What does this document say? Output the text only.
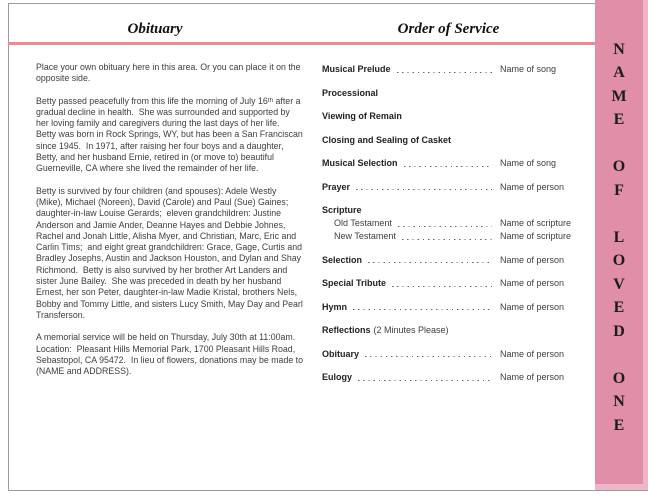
Obituary	Order of Service

Place your own obituary here in this area. Or you can place it on the opposite side.

Betty passed peacefully from this life the morning of July 16ᵗʰ after a gradual decline in health.  She was surrounded and supported by her loving family and caregivers during the last days of her life.  Betty was born in Rock Springs, WY, but has been a San Franciscan since 1945.  In 1971, after raising her four boys and a daughter, Betty, and her husband Ernie, retired in (or move to) beautiful Guerneville, CA where she lived the remainder of her life.

Betty is survived by four children (and spouses): Adele Westly (Mike), Michael (Noreen), David (Carole) and Paul (Sue) Gaines;  daughter-in-law Louise Gerards;  eleven grandchildren: Justine Anderson and Jamie Ander, Deanne Hayes and Debbie Johnes, Rachel and Jonah Little, Alisha Myer, and Christian, Marc, Eric and Carlin Tims;  and eight great grandchildren: Grace, Gage, Curtis and Bradley Josephs, Austin and Jackson Houston, and Dylan and Shay Richmond.  Betty is also survived by her brother Art Landers and sister June Bailey.  She was preceded in death by her husband Ernest, her son Peter, daughter-in-law Madie Kristal, brothers Nels, Bobby and Tommy Little, and sisters Lucy Smith, May Day and Pearl Transferson.

A memorial service will be held on Thursday, July 30th at 11:00am.  Location:  Pleasant Hills Memorial Park, 1700 Pleasant Hills Road, Sebastopol, CA 95472.  In lieu of flowers, donations may be made to (NAME and ADDRESS).

Musical Prelude	Name of song
Processional
Viewing of Remain
Closing and Sealing of Casket
Musical Selection	Name of song
Prayer	Name of person
Scripture
Old Testament	Name of scripture
New Testament	Name of scripture
Selection	Name of person
Special Tribute	Name of person
Hymn	Name of person
Reflections (2 Minutes Please)
Obituary	Name of person
Eulogy	Name of person
N
A
M
E
O
F
L
O
V
E
D
O
N
E
